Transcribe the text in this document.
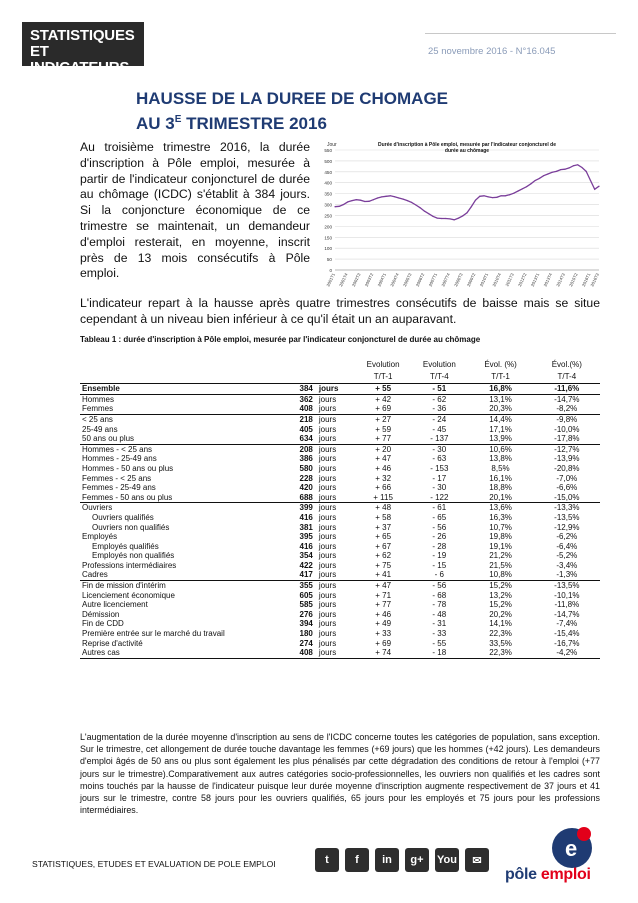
STATISTIQUES
ET INDICATEURS
25 novembre 2016 - N°16.045
HAUSSE DE LA DUREE DE CHOMAGE
AU $3^E$ TRIMESTRE 2016

Au troisième trimestre 2016, la durée d'inscription à Pôle emploi, mesurée à partir de l'indicateur conjoncturel de durée au chômage (ICDC) s'établit à 384 jours. Si la conjoncture économique de ce trimestre se maintenait, un demandeur d'emploi resterait, en moyenne, inscrit près de 13 mois consécutifs à Pôle emploi.

L'indicateur repart à la hausse après quatre trimestres consécutifs de baisse mais se situe cependant à un niveau bien inférieur à ce qu'il était un an auparavant.

0
50
100
150
200
250
300
350
400
450
500
550
Jour	Durée d'inscription à Pôle emploi, mesurée par l'indicateur conjoncturel de
durée au chômage
2001T1 2001T4 2002T3 2003T2 2004T1 2004T4 2005T3 2006T2 2007T1 2007T4 2008T3 2009T2 2010T1 2010T4 2011T3 2012T2 2013T1 2013T4 2014T3 2015T2 2016T1
2016T3
Tableau 1 : durée d'inscription à Pôle emploi, mesurée par l'indicateur conjoncturel de durée au chômage
			Evolution	Evolution	Évol. (%)	Évol.(%)
			T/T-1	T/T-4	T/T-1	T/T-4
Ensemble	384	jours	+ 55	- 51	16,8%	-11,6%
Hommes	362	jours	+ 42	- 62	13,1%	-14,7%
Femmes	408	jours	+ 69	- 36	20,3%	-8,2%
< 25 ans	218	jours	+ 27	- 24	14,4%	-9,8%
25-49 ans	405	jours	+ 59	- 45	17,1%	-10,0%
50 ans ou plus	634	jours	+ 77	- 137	13,9%	-17,8%
Hommes - < 25 ans	208	jours	+ 20	- 30	10,6%	-12,7%
Hommes - 25-49 ans	386	jours	+ 47	- 63	13,8%	-13,9%
Hommes - 50 ans ou plus	580	jours	+ 46	- 153	8,5%	-20,8%
Femmes - < 25 ans	228	jours	+ 32	- 17	16,1%	-7,0%
Femmes - 25-49 ans	420	jours	+ 66	- 30	18,8%	-6,6%
Femmes - 50 ans ou plus	688	jours	+ 115	- 122	20,1%	-15,0%
Ouvriers	399	jours	+ 48	- 61	13,6%	-13,3%
Ouvriers qualifiés	416	jours	+ 58	- 65	16,3%	-13,5%
Ouvriers non qualifiés	381	jours	+ 37	- 56	10,7%	-12,9%
Employés	395	jours	+ 65	- 26	19,8%	-6,2%
Employés qualifiés	416	jours	+ 67	- 28	19,1%	-6,4%
Employés non qualifiés	354	jours	+ 62	- 19	21,2%	-5,2%
Professions intermédiaires	422	jours	+ 75	- 15	21,5%	-3,4%
Cadres	417	jours	+ 41	- 6	10,8%	-1,3%
Fin de mission d'intérim	355	jours	+ 47	- 56	15,2%	-13,5%
Licenciement économique	605	jours	+ 71	- 68	13,2%	-10,1%
Autre licenciement	585	jours	+ 77	- 78	15,2%	-11,8%
Démission	276	jours	+ 46	- 48	20,2%	-14,7%
Fin de CDD	394	jours	+ 49	- 31	14,1%	-7,4%
Première entrée sur le marché du travail	180	jours	+ 33	- 33	22,3%	-15,4%
Reprise d'activité	274	jours	+ 69	- 55	33,5%	-16,7%
Autres cas	408	jours	+ 74	- 18	22,3%	-4,2%

L'augmentation de la durée moyenne d'inscription au sens de l'ICDC concerne toutes les catégories de population, sans exception. Sur le trimestre, cet allongement de durée touche davantage les femmes (+69 jours) que les hommes (+42 jours). Les demandeurs d'emploi âgés de 50 ans ou plus sont également les plus pénalisés par cette dégradation des conditions de retour à l'emploi (+77 jours sur le trimestre).Comparativement aux autres catégories socio-professionnelles, les ouvriers non qualifiés et les cadres sont moins touchés par la hausse de l'indicateur puisque leur durée moyenne d'inscription augmente respectivement de 37 jours et 41 jours sur le trimestre, contre 58 jours pour les ouvriers qualifiés, 65 jours pour les employés et 75 jours pour les professions intermédiaires.

STATISTIQUES, ETUDES ET EVALUATION DE POLE EMPLOI	t	f	in	g+	You	✉	e
pôle emploi
